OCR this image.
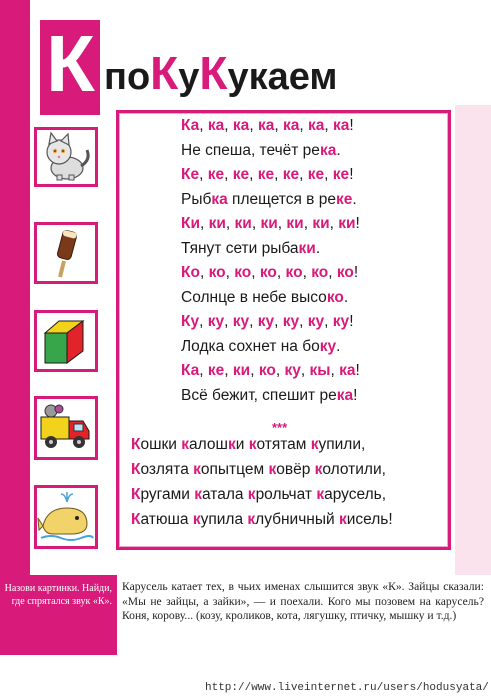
К поКуКукаем
Ка, ка, ка, ка, ка, ка, ка!
Не спеша, течёт река.
Ке, ке, ке, ке, ке, ке, ке!
Рыбка плещется в реке.
Ки, ки, ки, ки, ки, ки, ки!
Тянут сети рыбаки.
Ко, ко, ко, ко, ко, ко, ко!
Солнце в небе высоко.
Ку, ку, ку, ку, ку, ку, ку!
Лодка сохнет на боку.
Ка, ке, ки, ко, ку, кы, ка!
Всё бежит, спешит река!
***
Кошки калошки котятам купили,
Козлята копытцем ковёр колотили,
Кругами катала крольчат карусель,
Катюша купила клубничный кисель!
Назови картинки. Найди, где спрятался звук «К».
Карусель катает тех, в чьих именах слышится звук «К». Зайцы сказали: «Мы не зайцы, а зайки», — и поехали. Кого мы позовем на карусель? Коня, корову... (козу, кроликов, кота, лягушку, птичку, мышку и т.д.)
http://www.liveinternet.ru/users/hodusyata/
